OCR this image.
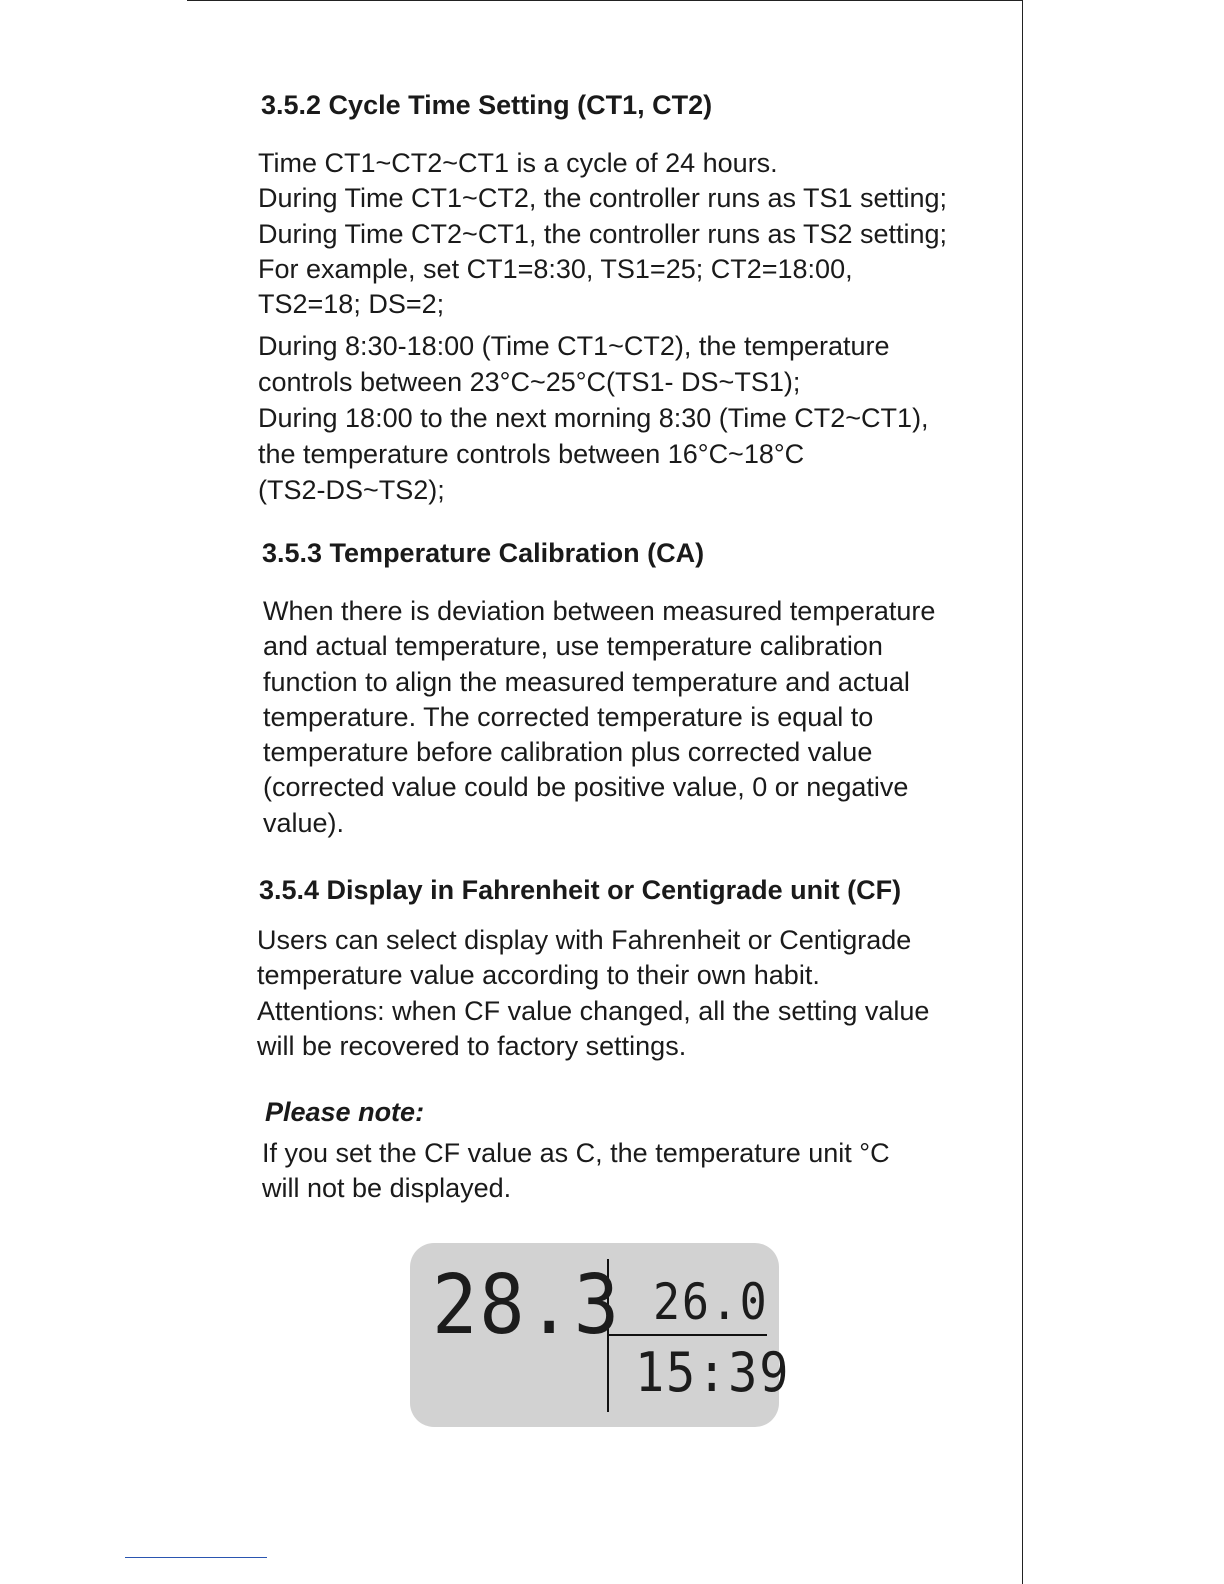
3.5.2 Cycle Time Setting (CT1, CT2)
Time CT1~CT2~CT1 is a cycle of 24 hours.
During Time CT1~CT2, the controller runs as TS1 setting;
During Time CT2~CT1, the controller runs as TS2 setting;
For example, set CT1=8:30, TS1=25; CT2=18:00,
TS2=18; DS=2;
During 8:30-18:00 (Time CT1~CT2), the temperature
controls between 23°C~25°C(TS1- DS~TS1);
During 18:00 to the next morning 8:30 (Time CT2~CT1),
the temperature controls between 16°C~18°C
(TS2-DS~TS2);
3.5.3 Temperature Calibration (CA)
When there is deviation between measured temperature
and actual temperature, use temperature calibration
function to align the measured temperature and actual
temperature. The corrected temperature is equal to
temperature before calibration plus corrected value
(corrected value could be positive value, 0 or negative
value).
3.5.4 Display in Fahrenheit or Centigrade unit (CF)
Users can select display with Fahrenheit or Centigrade
temperature value according to their own habit.
Attentions: when CF value changed, all the setting value
will be recovered to factory settings.
Please note:
If you set the CF value as C, the temperature unit °C
will not be displayed.
28.3 26.0
15:39
